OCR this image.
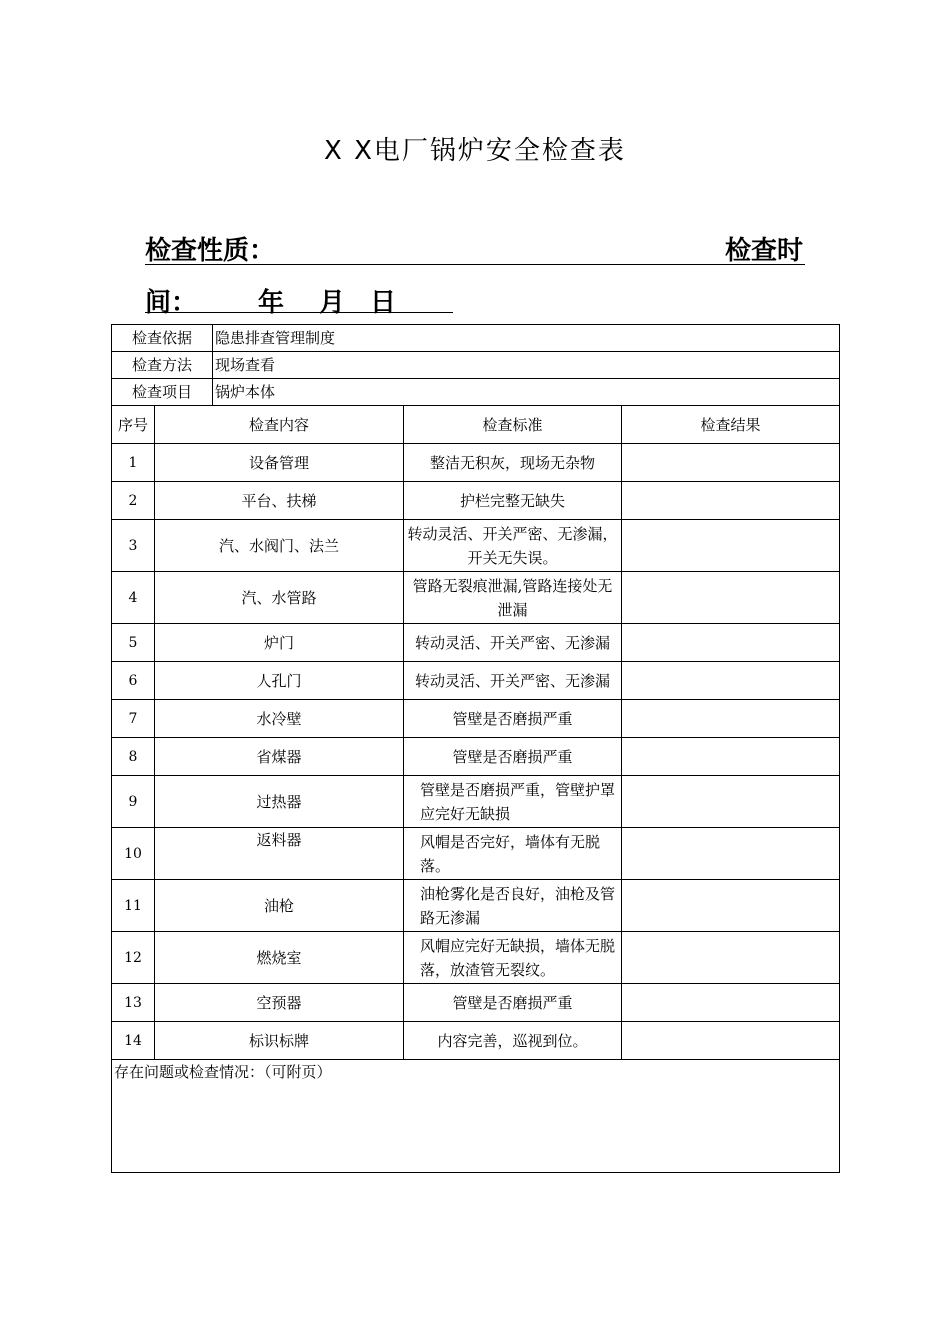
X X电厂锅炉安全检查表
检查性质：	检查时
间： 年 月 日
检查依据		隐患排查管理制度		
检查方法		现场查看		
检查项目		锅炉本体		
序号	检查内容		检查标准	检查结果
1	设备管理		整洁无积灰，现场无杂物	
2	平台、扶梯		护栏完整无缺失	
3	汽、水阀门、法兰		转动灵活、开关严密、无渗漏，开关无失误。	
4	汽、水管路		管路无裂痕泄漏,管路连接处无泄漏	
5	炉门		转动灵活、开关严密、无渗漏	
6	人孔门		转动灵活、开关严密、无渗漏	
7	水冷壁		管壁是否磨损严重	
8	省煤器		管壁是否磨损严重	
9	过热器		管壁是否磨损严重，管壁护罩应完好无缺损	
10	返料器		风帽是否完好，墙体有无脱落。	
11	油枪		油枪雾化是否良好，油枪及管路无渗漏	
12	燃烧室		风帽应完好无缺损，墙体无脱落，放渣管无裂纹。	
13	空预器		管壁是否磨损严重	
14	标识标牌		内容完善，巡视到位。	
存在问题或检查情况：（可附页）				
